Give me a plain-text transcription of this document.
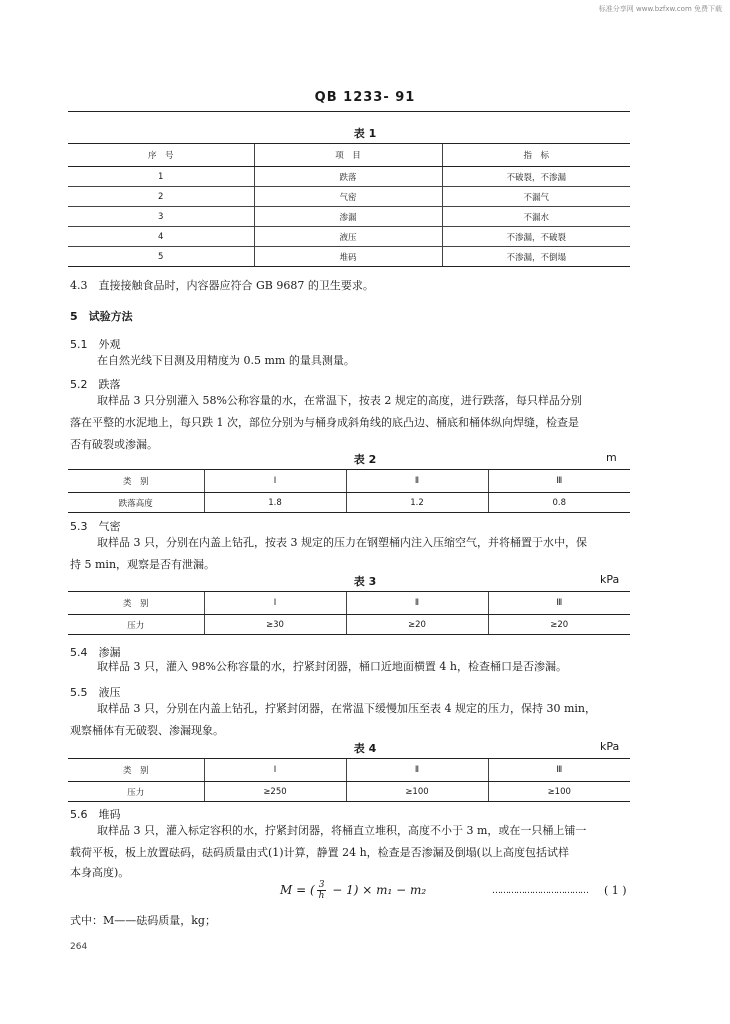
标准分享网 www.bzfxw.com 免费下载
QB 1233- 91
表 1
序　号	项　目	指　标
1	跌落	不破裂，不渗漏
2	气密	不漏气
3	渗漏	不漏水
4	液压	不渗漏，不破裂
5	堆码	不渗漏，不倒塌
4.3　直接接触食品时，内容器应符合 GB 9687 的卫生要求。
5　试验方法
5.1　外观
在自然光线下目测及用精度为 0.5 mm 的量具测量。
5.2　跌落
取样品 3 只分别灌入 58%公称容量的水，在常温下，按表 2 规定的高度，进行跌落，每只样品分别
落在平整的水泥地上，每只跌 1 次，部位分别为与桶身成斜角线的底凸边、桶底和桶体纵向焊缝，检查是
否有破裂或渗漏。
表 2	m
类　别	Ⅰ	Ⅱ	Ⅲ
跌落高度	1.8	1.2	0.8
5.3　气密
取样品 3 只，分别在内盖上钻孔，按表 3 规定的压力在钢塑桶内注入压缩空气，并将桶置于水中，保
持 5 min，观察是否有泄漏。
表 3	kPa
类　别	Ⅰ	Ⅱ	Ⅲ
压力	≥30	≥20	≥20
5.4　渗漏
取样品 3 只，灌入 98%公称容量的水，拧紧封闭器，桶口近地面横置 4 h，检查桶口是否渗漏。
5.5　液压
取样品 3 只，分别在内盖上钻孔，拧紧封闭器，在常温下缓慢加压至表 4 规定的压力，保持 30 min，
观察桶体有无破裂、渗漏现象。
表 4	kPa
类　别	Ⅰ	Ⅱ	Ⅲ
压力	≥250	≥100	≥100
5.6　堆码
取样品 3 只，灌入标定容积的水，拧紧封闭器，将桶直立堆积，高度不小于 3 m，或在一只桶上铺一
载荷平板，板上放置砝码，砝码质量由式(1)计算，静置 24 h，检查是否渗漏及倒塌(以上高度包括试样
本身高度)。
M = ( $\frac{3}{h} - 1) \times m_1 - m_2$	……………………………… ( 1 )
式中：M——砝码质量，kg；
264
